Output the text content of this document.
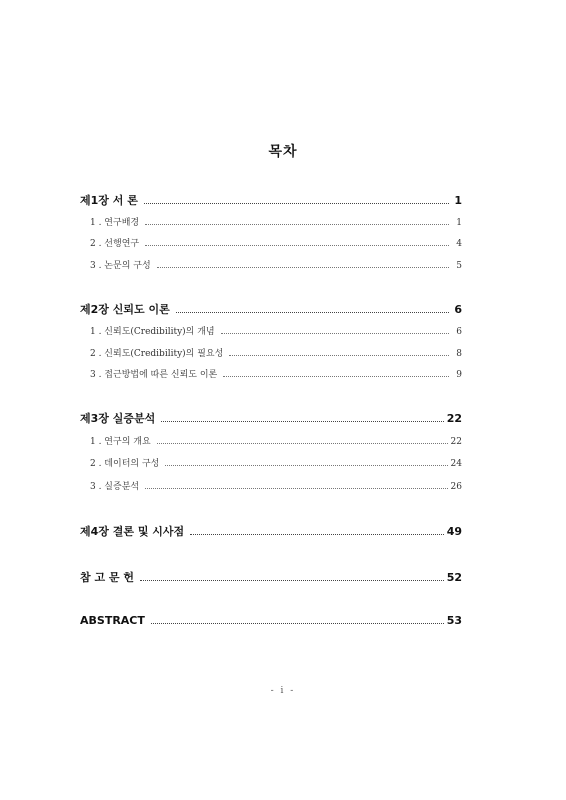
목차
제1장 서 론	1
1 . 연구배경	1
2 . 선행연구	4
3 . 논문의 구성	5
제2장 신뢰도 이론	6
1 . 신뢰도(Credibility)의 개념	6
2 . 신뢰도(Credibility)의 필요성	8
3 . 접근방법에 따른 신뢰도 이론	9
제3장 실증분석	22
1 . 연구의 개요	22
2 . 데이터의 구성	24
3 . 실증분석	26
제4장 결론 및 시사점	49
참 고 문 헌	52
ABSTRACT	53
- i -
